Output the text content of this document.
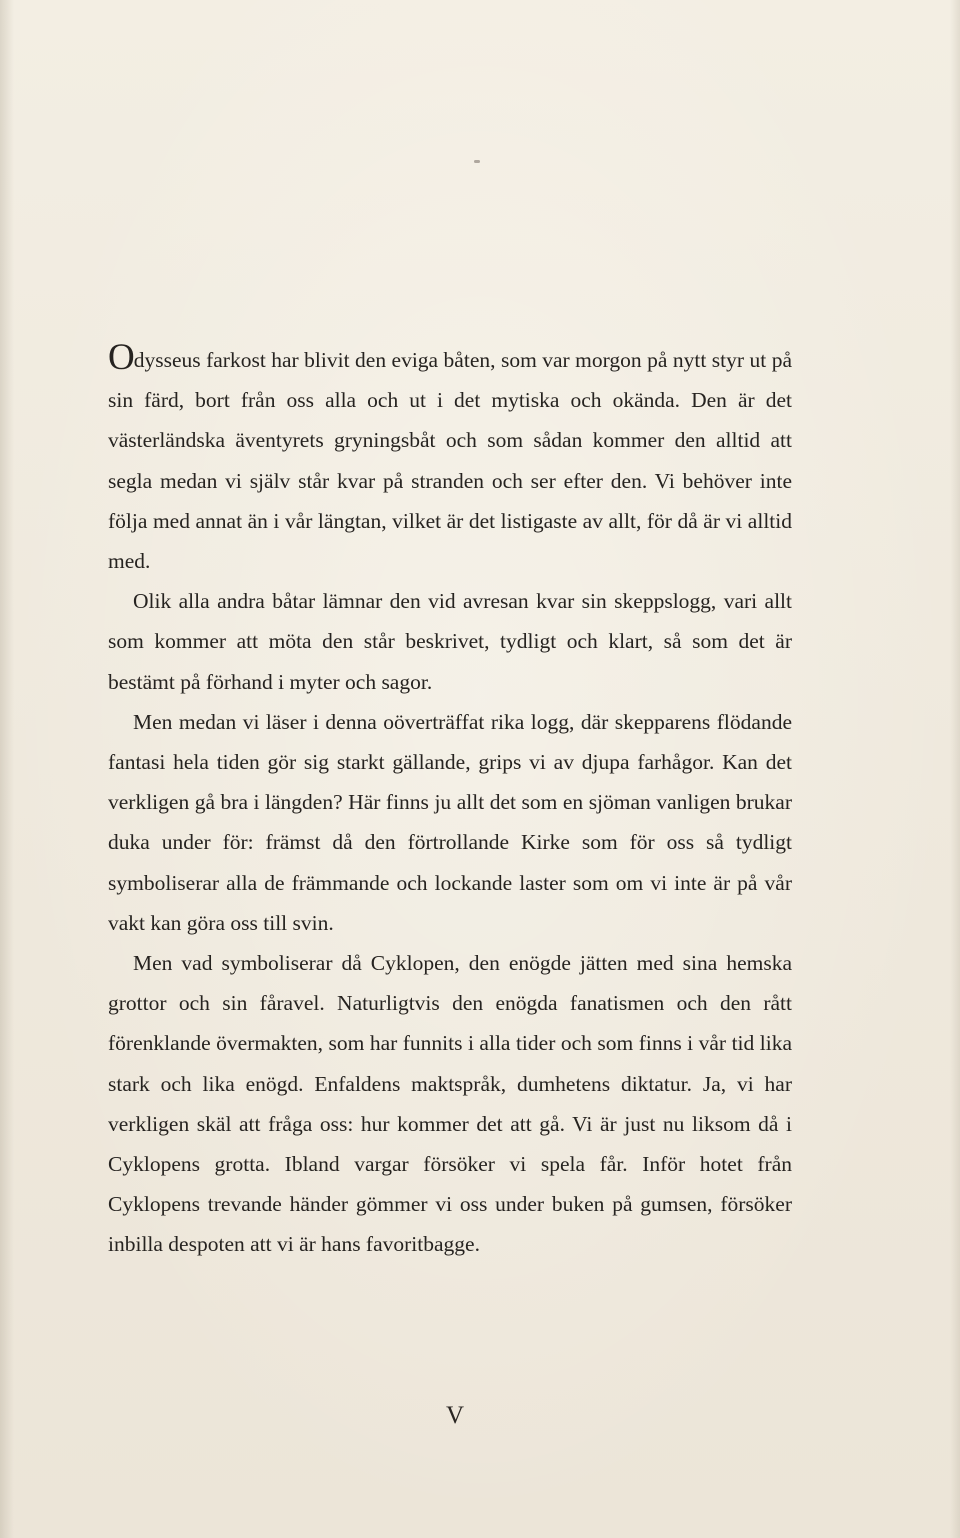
Odysseus farkost har blivit den eviga båten, som var morgon på nytt styr ut på sin färd, bort från oss alla och ut i det mytiska och okända. Den är det västerländska äventyrets gryningsbåt och som sådan kommer den alltid att segla medan vi själv står kvar på stranden och ser efter den. Vi behöver inte följa med annat än i vår längtan, vilket är det listigaste av allt, för då är vi alltid med.

Olik alla andra båtar lämnar den vid avresan kvar sin skeppslogg, vari allt som kommer att möta den står beskrivet, tydligt och klart, så som det är bestämt på förhand i myter och sagor.

Men medan vi läser i denna oöverträffat rika logg, där skepparens flödande fantasi hela tiden gör sig starkt gällande, grips vi av djupa farhågor. Kan det verkligen gå bra i längden? Här finns ju allt det som en sjöman vanligen brukar duka under för: främst då den förtrollande Kirke som för oss så tydligt symboliserar alla de främmande och lockande laster som om vi inte är på vår vakt kan göra oss till svin.

Men vad symboliserar då Cyklopen, den enögde jätten med sina hemska grottor och sin fåravel. Naturligtvis den enögda fanatismen och den rått förenklande övermakten, som har funnits i alla tider och som finns i vår tid lika stark och lika enögd. Enfaldens maktspråk, dumhetens diktatur. Ja, vi har verkligen skäl att fråga oss: hur kommer det att gå. Vi är just nu liksom då i Cyklopens grotta. Ibland vargar försöker vi spela får. Inför hotet från Cyklopens trevande händer gömmer vi oss under buken på gumsen, försöker inbilla despoten att vi är hans favoritbagge.

V
